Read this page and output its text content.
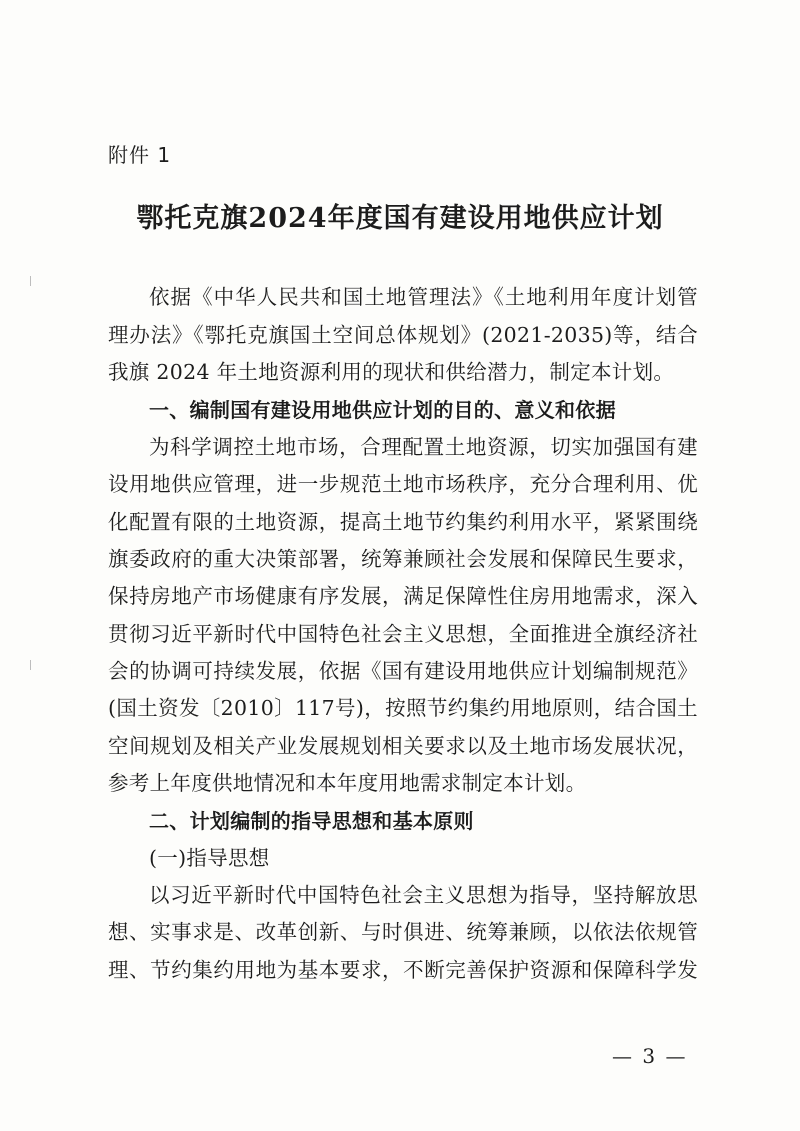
附件 1
鄂托克旗2024年度国有建设用地供应计划
依据《中华人民共和国土地管理法》《土地利用年度计划管
理办法》《鄂托克旗国土空间总体规划》(2021-2035)等，结合
我旗 2024 年土地资源利用的现状和供给潜力，制定本计划。
一、编制国有建设用地供应计划的目的、意义和依据
为科学调控土地市场，合理配置土地资源，切实加强国有建
设用地供应管理，进一步规范土地市场秩序，充分合理利用、优
化配置有限的土地资源，提高土地节约集约利用水平，紧紧围绕
旗委政府的重大决策部署，统筹兼顾社会发展和保障民生要求，
保持房地产市场健康有序发展，满足保障性住房用地需求，深入
贯彻习近平新时代中国特色社会主义思想，全面推进全旗经济社
会的协调可持续发展，依据《国有建设用地供应计划编制规范》
(国土资发〔2010〕117号)，按照节约集约用地原则，结合国土
空间规划及相关产业发展规划相关要求以及土地市场发展状况，
参考上年度供地情况和本年度用地需求制定本计划。
二、计划编制的指导思想和基本原则
(一)指导思想
以习近平新时代中国特色社会主义思想为指导，坚持解放思
想、实事求是、改革创新、与时俱进、统筹兼顾，以依法依规管
理、节约集约用地为基本要求，不断完善保护资源和保障科学发
— 3 —
